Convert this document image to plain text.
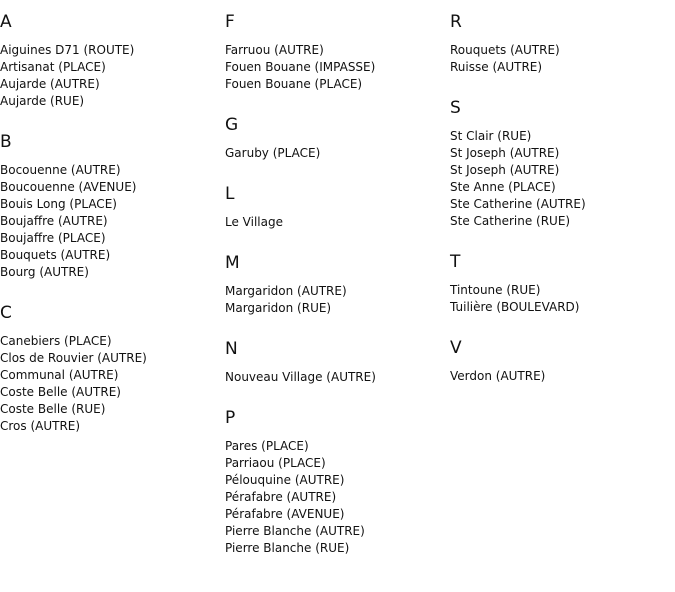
A
Aiguines D71 (ROUTE)
Artisanat (PLACE)
Aujarde (AUTRE)
Aujarde (RUE)
B
Bocouenne (AUTRE)
Boucouenne (AVENUE)
Bouis Long (PLACE)
Boujaffre (AUTRE)
Boujaffre (PLACE)
Bouquets (AUTRE)
Bourg (AUTRE)
C
Canebiers (PLACE)
Clos de Rouvier (AUTRE)
Communal (AUTRE)
Coste Belle (AUTRE)
Coste Belle (RUE)
Cros (AUTRE)
F
Farruou (AUTRE)
Fouen Bouane (IMPASSE)
Fouen Bouane (PLACE)
G
Garuby (PLACE)
L
Le Village
M
Margaridon (AUTRE)
Margaridon (RUE)
N
Nouveau Village (AUTRE)
P
Pares (PLACE)
Parriaou (PLACE)
Pélouquine (AUTRE)
Pérafabre (AUTRE)
Pérafabre (AVENUE)
Pierre Blanche (AUTRE)
Pierre Blanche (RUE)
R
Rouquets (AUTRE)
Ruisse (AUTRE)
S
St Clair (RUE)
St Joseph (AUTRE)
St Joseph (AUTRE)
Ste Anne (PLACE)
Ste Catherine (AUTRE)
Ste Catherine (RUE)
T
Tintoune (RUE)
Tuilière (BOULEVARD)
V
Verdon (AUTRE)
